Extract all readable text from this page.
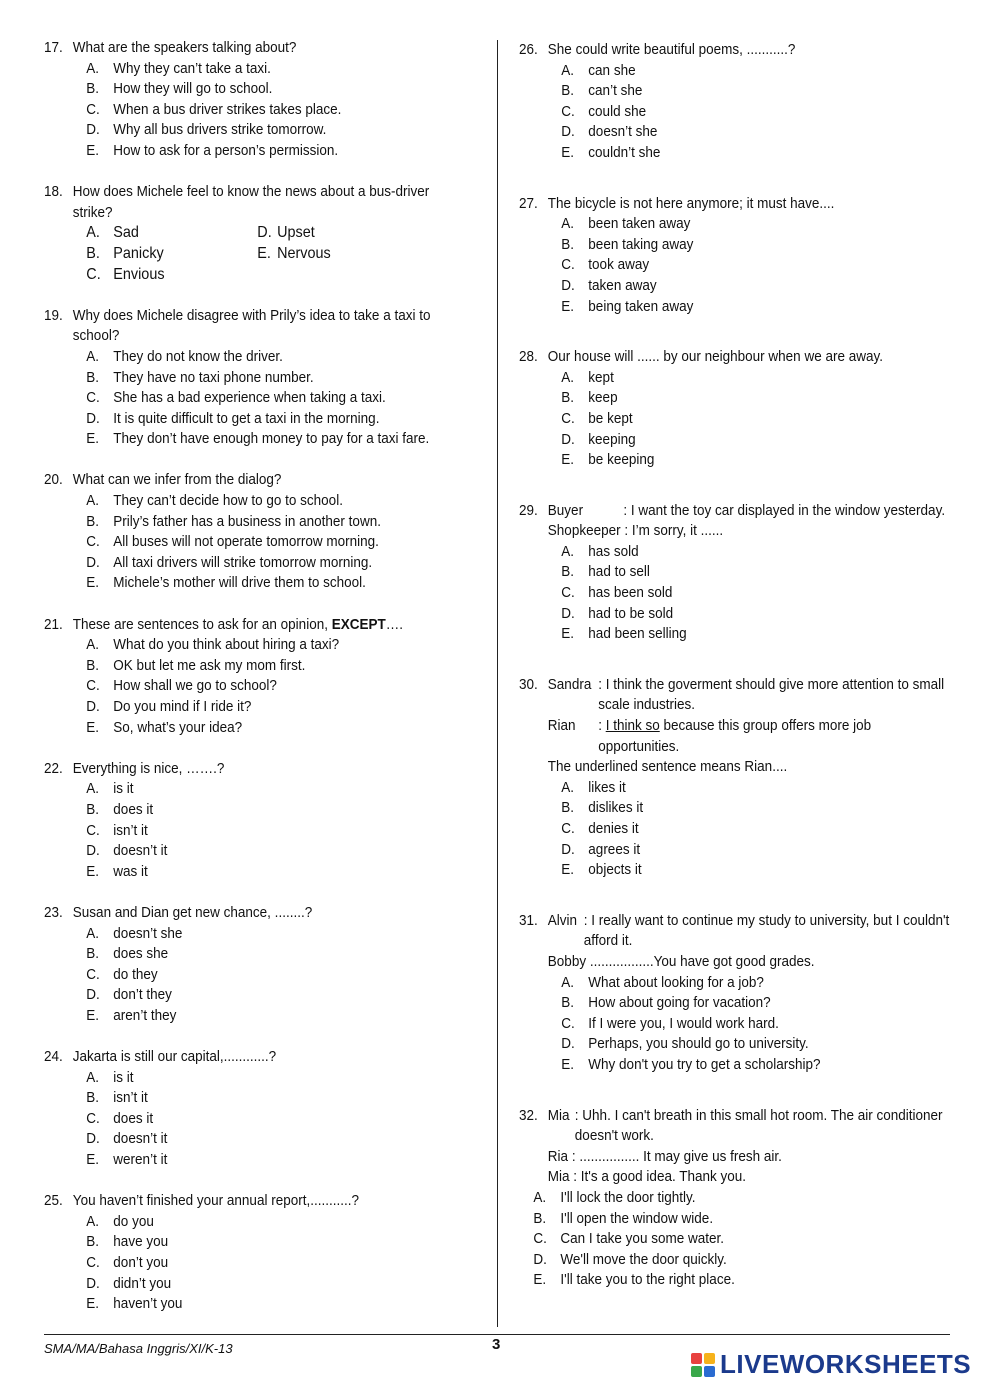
17. What are the speakers talking about?
A. Why they can’t take a taxi.
B. How they will go to school.
C. When a bus driver strikes takes place.
D. Why all bus drivers strike tomorrow.
E. How to ask for a person’s permission.
18. How does Michele feel to know the news about a bus-driver strike?
A. Sad	D. Upset
B. Panicky	E. Nervous
C. Envious
19. Why does Michele disagree with Prily’s idea to take a taxi to school?
A. They do not know the driver.
B. They have no taxi phone number.
C. She has a bad experience when taking a taxi.
D. It is quite difficult to get a taxi in the morning.
E. They don’t have enough money to pay for a taxi fare.
20. What can we infer from the dialog?
A. They can’t decide how to go to school.
B. Prily’s father has a business in another town.
C. All buses will not operate tomorrow morning.
D. All taxi drivers will strike tomorrow morning.
E. Michele’s mother will drive them to school.
21. These are sentences to ask for an opinion, EXCEPT….
A. What do you think about hiring a taxi?
B. OK but let me ask my mom first.
C. How shall we go to school?
D. Do you mind if I ride it?
E. So, what’s your idea?
22. Everything is nice, …….?
A. is it
B. does it
C. isn’t it
D. doesn’t it
E. was it
23. Susan and Dian get new chance, ........?
A. doesn’t she
B. does she
C. do they
D. don’t they
E. aren’t they
24. Jakarta is still our capital,............?
A. is it
B. isn’t it
C. does it
D. doesn’t it
E. weren’t it
25. You haven’t finished your annual report,...........?
A. do you
B. have you
C. don’t you
D. didn’t you
E. haven’t you
26. She could write beautiful poems, ...........?
A. can she
B. can’t she
C. could she
D. doesn’t she
E. couldn’t she
27. The bicycle is not here anymore; it must have....
A. been taken away
B. been taking away
C. took away
D. taken away
E. being taken away
28. Our house will ...... by our neighbour when we are away.
A. kept
B. keep
C. be kept
D. keeping
E. be keeping
29. Buyer	: I want the toy car displayed in the window yesterday.
Shopkeeper : I’m sorry, it ......
A. has sold
B. had to sell
C. has been sold
D. had to be sold
E. had been selling
30. Sandra : I think the goverment should give more attention to small scale industries.
Rian	: I think so because this group offers more job opportunities.
The underlined sentence means Rian....
A. likes it
B. dislikes it
C. denies it
D. agrees it
E. objects it
31. Alvin : I really want to continue my study to university, but I couldn't afford it.
Bobby .................You have got good grades.
A. What about looking for a job?
B. How about going for vacation?
C. If I were you, I would work hard.
D. Perhaps, you should go to university.
E. Why don't you try to get a scholarship?
32. Mia : Uhh. I can't breath in this small hot room. The air conditioner doesn't work.
Ria : ................ It may give us fresh air.
Mia : It's a good idea. Thank you.
A. I'll lock the door tightly.
B. I'll open the window wide.
C. Can I take you some water.
D. We'll move the door quickly.
E. I'll take you to the right place.
SMA/MA/Bahasa Inggris/XI/K-13	3
LIVEWORKSHEETS
